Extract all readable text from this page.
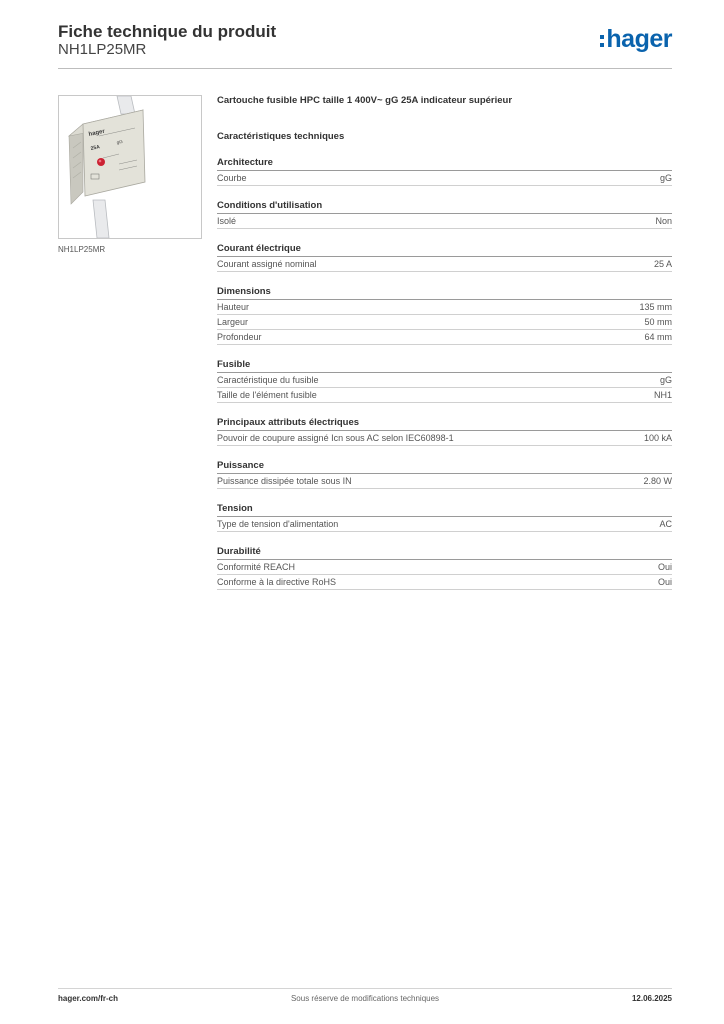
Fiche technique du produit
NH1LP25MR	hager
hager
25A
gG
NH1LP25MR
Cartouche fusible HPC taille 1 400V~ gG 25A indicateur supérieur
Caractéristiques techniques
Architecture
Courbe	gG
Conditions d'utilisation
Isolé	Non
Courant électrique
Courant assigné nominal	25 A
Dimensions
Hauteur	135 mm
Largeur	50 mm
Profondeur	64 mm
Fusible
Caractéristique du fusible	gG
Taille de l'élément fusible	NH1
Principaux attributs électriques
Pouvoir de coupure assigné Icn sous AC selon IEC60898-1	100 kA
Puissance
Puissance dissipée totale sous IN	2.80 W
Tension
Type de tension d'alimentation	AC
Durabilité
Conformité REACH	Oui
Conforme à la directive RoHS	Oui
hager.com/fr-ch	Sous réserve de modifications techniques	12.06.2025
